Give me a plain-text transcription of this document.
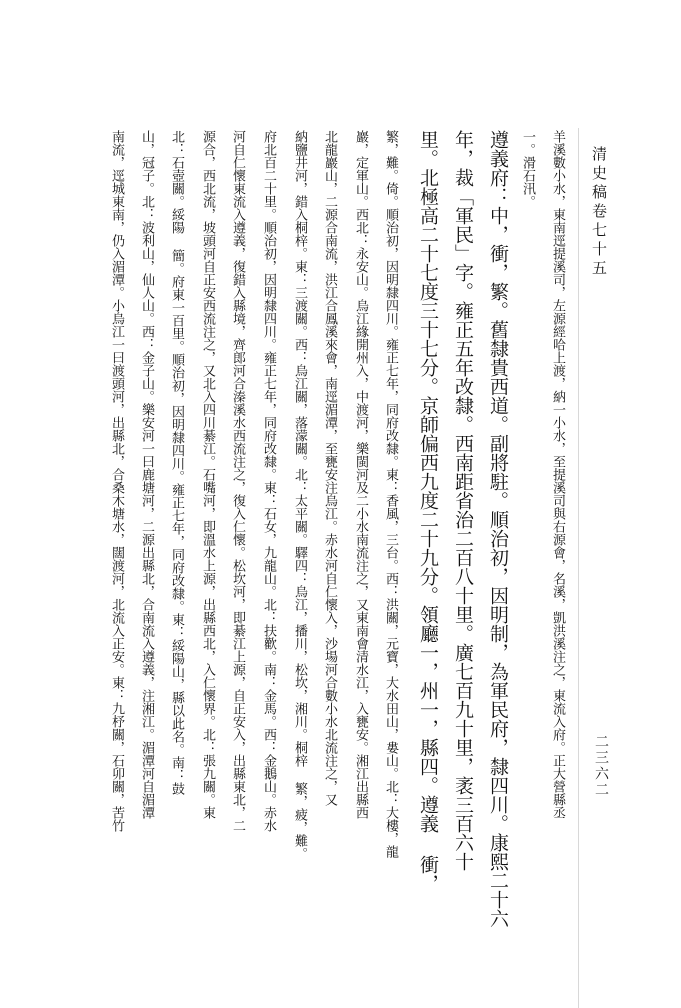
清史稿卷七十五
二三六二
羊溪數小水，東南逕提溪司，左源經哈上渡，納一小水，至提溪司與右源會，名溪，凱洪溪注之，東流入府。正大營縣丞
一。滑石汛。
遵義府：中，衝，繁。舊隸貴西道。副將駐。順治初，因明制，為軍民府，隸四川。康熙二十六
年，裁「軍民」字。雍正五年改隸。西南距省治二百八十里。廣七百九十里，袤三百六十
里。北極高二十七度三十七分。京師偏西九度二十九分。領廳一，州一，縣四。遵義 衝，
繁，難。倚。順治初，因明隸四川。雍正七年，同府改隸。東：香風，三台。西：洪關，元寶，大水田山，婁山。北：大樓，龍
巖，定軍山。西北：永安山。烏江緣開州入，中渡河，樂閩河及二小水南流注之，又東南會清水江，入甕安。湘江出縣西
北龍巖山，二源合南流，洪江合鳳溪來會，南逕湄潭，至甕安注烏江。赤水河自仁懷入，沙場河合數小水北流注之，又
納鹽井河，錯入桐梓。東：三渡關。西：烏江關，落濛關。北：太平關。驛四：烏江，播川，松坎，湘川。桐梓 繁，疲，難。
府北百二十里。順治初，因明隸四川。雍正七年，同府改隸。東：石女，九龍山。北：扶歡。南：金馬。西：金鵝山。赤水
河自仁懷東流入遵義，復錯入縣境，齊郎河合溱溪水西流注之，復入仁懷。松坎河，即綦江上源，自正安入，出縣東北，二
源合，西北流，坡頭河自正安西流注之，又北入四川綦江。石嘴河，即溫水上源，出縣西北，入仁懷界。北：張九關。東
北：石壺關。綏陽 簡。府東一百里。順治初，因明隸四川。雍正七年，同府改隸。東：綏陽山，縣以此名。南：鼓
山，冠子。北：波利山，仙人山。西：金子山。樂安河一曰鹿塘河，二源出縣北，合南流入遵義，注湘江。湄潭河自湄潭
南流，逕城東南，仍入湄潭。小烏江一曰渡頭河，出縣北，合桑木塘水，闊渡河，北流入正安。東：九杼關，石卯關，苦竹
